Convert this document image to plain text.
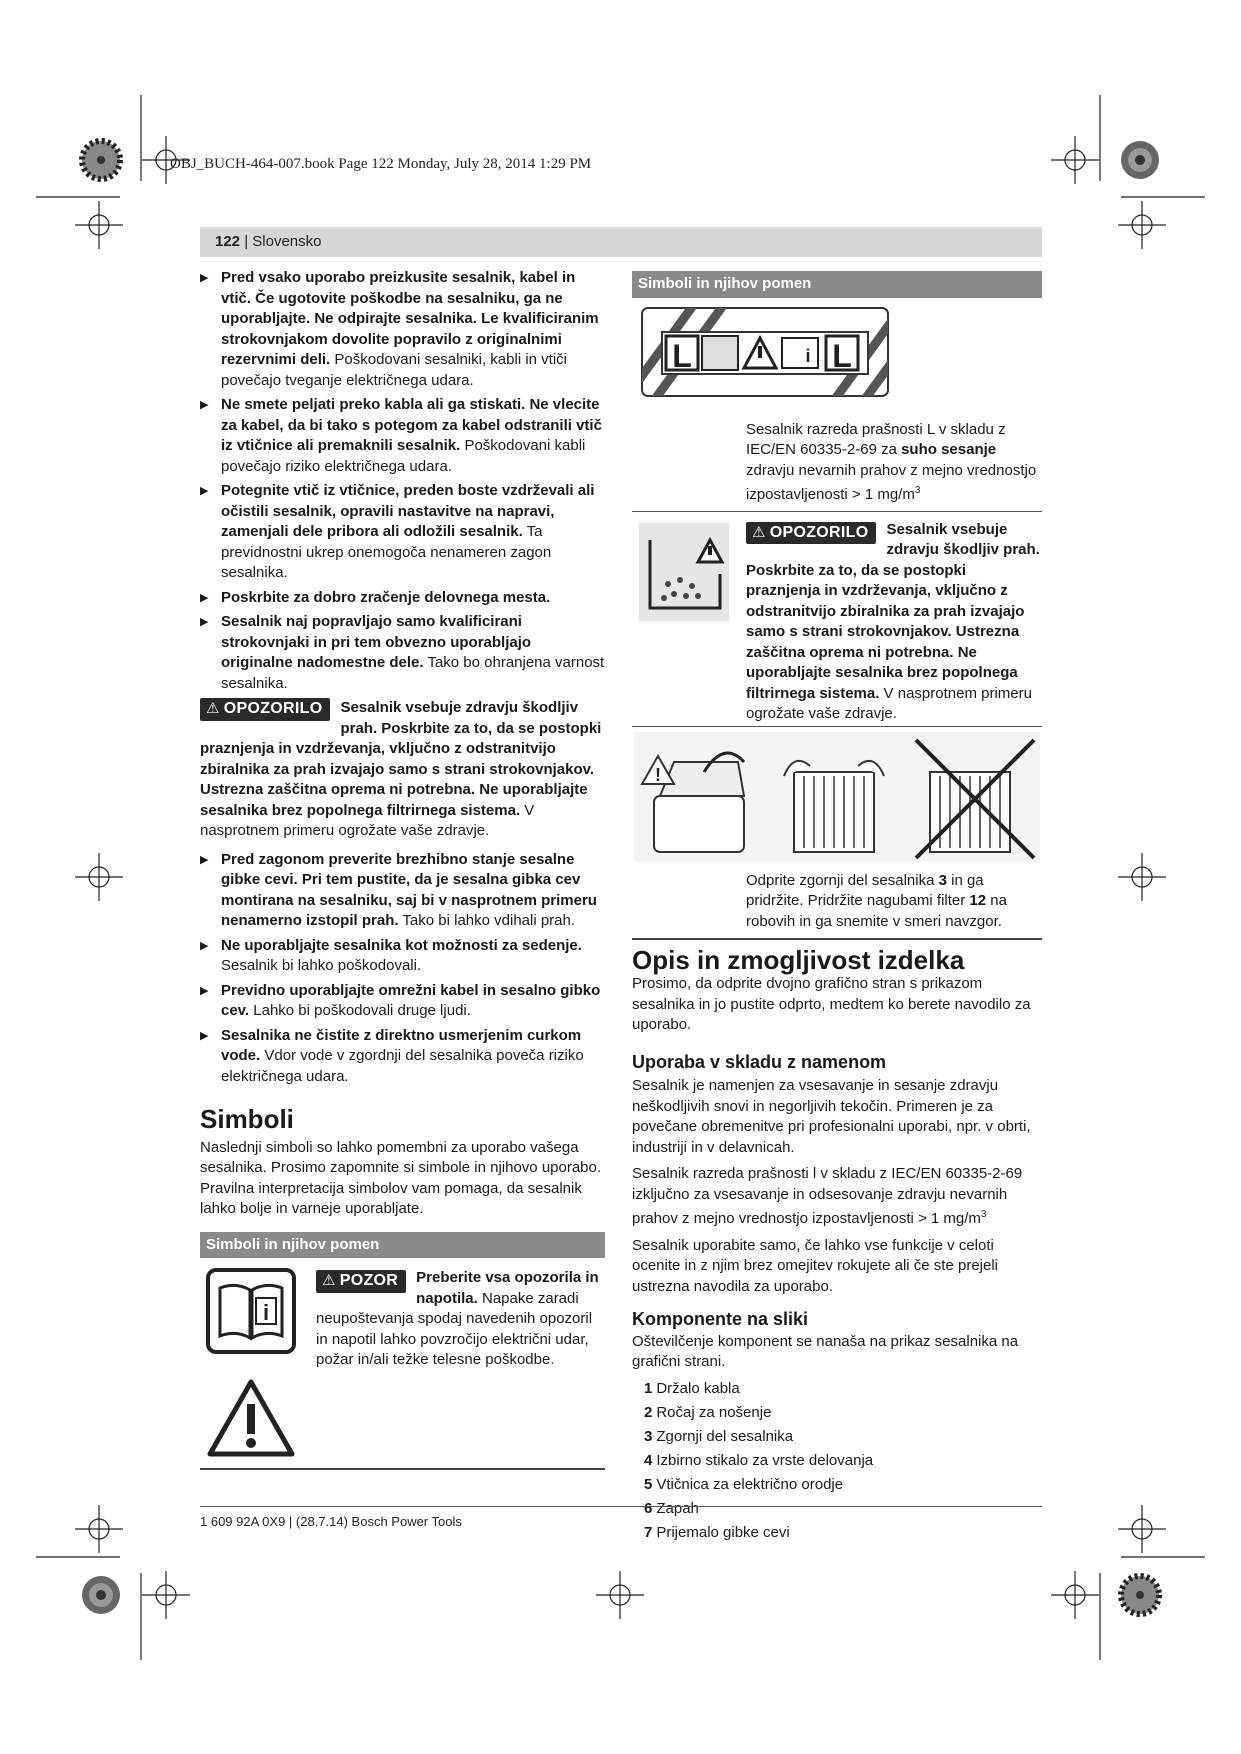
OBJ_BUCH-464-007.book Page 122 Monday, July 28, 2014 1:29 PM
122 | Slovensko
▶ Pred vsako uporabo preizkusite sesalnik, kabel in vtič. Če ugotovite poškodbe na sesalniku, ga ne uporabljajte. Ne odpirajte sesalnika. Le kvalificiranim strokovnjakom dovolite popravilo z originalnimi rezervnimi deli. Poškodovani sesalniki, kabli in vtiči povečajo tveganje električnega udara.
▶ Ne smete peljati preko kabla ali ga stiskati. Ne vlecite za kabel, da bi tako s potegom za kabel odstranili vtič iz vtičnice ali premaknili sesalnik. Poškodovani kabli povečajo riziko električnega udara.
▶ Potegnite vtič iz vtičnice, preden boste vzdrževali ali očistili sesalnik, opravili nastavitve na napravi, zamenjali dele pribora ali odložili sesalnik. Ta previdnostni ukrep onemogoča nenameren zagon sesalnika.
▶ Poskrbite za dobro zračenje delovnega mesta.
▶ Sesalnik naj popravljajo samo kvalificirani strokovnjaki in pri tem obvezno uporabljajo originalne nadomestne dele. Tako bo ohranjena varnost sesalnika.
⚠ OPOZORILO	Sesalnik vsebuje zdravju škodljiv prah. Poskrbite za to, da se postopki praznjenja in vzdrževanja, vključno z odstranitvijo zbiralnika za prah izvajajo samo s strani strokovnjakov. Ustrezna zaščitna oprema ni potrebna. Ne uporabljajte sesalnika brez popolnega filtrirnega sistema. V nasprotnem primeru ogrožate vaše zdravje.
▶ Pred zagonom preverite brezhibno stanje sesalne gibke cevi. Pri tem pustite, da je sesalna gibka cev montirana na sesalniku, saj bi v nasprotnem primeru nenamerno izstopil prah. Tako bi lahko vdihali prah.
▶ Ne uporabljajte sesalnika kot možnosti za sedenje. Sesalnik bi lahko poškodovali.
▶ Previdno uporabljajte omrežni kabel in sesalno gibko cev. Lahko bi poškodovali druge ljudi.
▶ Sesalnika ne čistite z direktno usmerjenim curkom vode. Vdor vode v zgordnji del sesalnika poveča riziko električnega udara.
Simboli
Naslednji simboli so lahko pomembni za uporabo vašega sesalnika. Prosimo zapomnite si simbole in njihovo uporabo. Pravilna interpretacija simbolov vam pomaga, da sesalnik lahko bolje in varneje uporabljate.
Simboli in njihov pomen
i
⚠ POZOR	Preberite vsa opozorila in napotila. Napake zaradi neupoštevanja spodaj navedenih opozoril in napotil lahko povzročijo električni udar, požar in/ali težke telesne poškodbe.
Simboli in njihov pomen
L	i L
Sesalnik razreda prašnosti L v skladu z IEC/EN 60335-2-69 za suho sesanje zdravju nevarnih prahov z mejno vrednostjo izpostavljenosti > 1 $mg/m^3$
⚠ OPOZORILO	Sesalnik vsebuje zdravju škodljiv prah. Poskrbite za to, da se postopki praznjenja in vzdrževanja, vključno z odstranitvijo zbiralnika za prah izvajajo samo s strani strokovnjakov. Ustrezna zaščitna oprema ni potrebna. Ne uporabljajte sesalnika brez popolnega filtrirnega sistema. V nasprotnem primeru ogrožate vaše zdravje.
!
Odprite zgornji del sesalnika 3 in ga pridržite. Pridržite nagubami filter 12 na robovih in ga snemite v smeri navzgor.
Opis in zmogljivost izdelka
Prosimo, da odprite dvojno grafično stran s prikazom sesalnika in jo pustite odprto, medtem ko berete navodilo za uporabo.
Uporaba v skladu z namenom
Sesalnik je namenjen za vsesavanje in sesanje zdravju neškodljivih snovi in negorljivih tekočin. Primeren je za povečane obremenitve pri profesionalni uporabi, npr. v obrti, industriji in v delavnicah.
Sesalnik razreda prašnosti l v skladu z IEC/EN 60335-2-69 izključno za vsesavanje in odsesovanje zdravju nevarnih prahov z mejno vrednostjo izpostavljenosti > 1 $mg/m^3$
Sesalnik uporabite samo, če lahko vse funkcije v celoti ocenite in z njim brez omejitev rokujete ali če ste prejeli ustrezna navodila za uporabo.
Komponente na sliki
Oštevilčenje komponent se nanaša na prikaz sesalnika na grafični strani.
1 Držalo kabla
2 Ročaj za nošenje
3 Zgornji del sesalnika
4 Izbirno stikalo za vrste delovanja
5 Vtičnica za električno orodje
6 Zapah
7 Prijemalo gibke cevi
1 609 92A 0X9 | (28.7.14) Bosch Power Tools
